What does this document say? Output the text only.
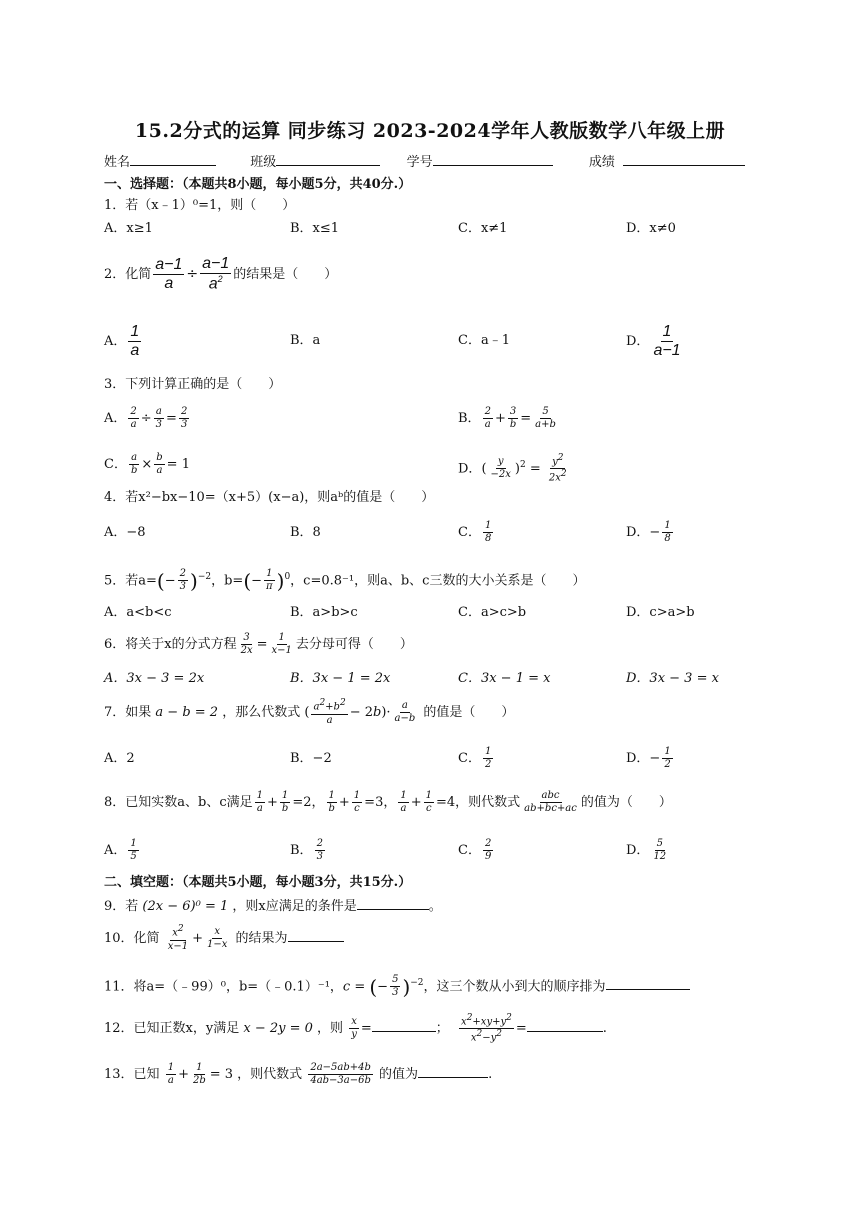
15.2分式的运算 同步练习 2023-2024学年人教版数学八年级上册
姓名	班级	学号	成绩
一、选择题：（本题共8小题，每小题5分，共40分.）
1．若（x﹣1）⁰=1，则（　　）
A．x≥1	B．x≤1	C．x≠1	D．x≠0
2．化简 $\frac{a-1}{a} \div \frac{a-1}{a^2}$ 的结果是（　　）
A． $\frac{1}{a}$	B．a	C．a﹣1	D． $\frac{1}{a-1}$
3．下列计算正确的是（　　）
A． $\frac{2}{a} \div \frac{a}{3} = \frac{2}{3}$	B． $\frac{2}{a} + \frac{3}{b} = \frac{5}{a+b}$
C． $\frac{a}{b} \times \frac{b}{a} = 1$	D．( $\frac{y}{-2x} )^2 = \frac{y^2}{2x^2}$
4．若x²−bx−10=（x+5）(x−a)，则aᵇ的值是（　　）
A．−8	B．8	C． $\frac{1}{8}$	D．− $\frac{1}{8}$
5．若$a=(- \frac{2}{3} )^{-2}$，$b=(- \frac{1}{\pi} )^0$，c=0.8⁻¹，则a、b、c三数的大小关系是（　　）
A．a<b<c	B．a>b>c	C．a>c>b	D．c>a>b
6．将关于x的分式方程 $\frac{3}{2x} = \frac{1}{x-1}$ 去分母可得（　　）
A．3x − 3 = 2x	B．3x − 1 = 2x	C．3x − 1 = x	D．3x − 3 = x
7．如果 a − b = 2 ，那么代数式 ( $\frac{a^2+b^2}{a} - 2b)\cdot \frac{a}{a-b}$ 的值是（　　）
A．2	B．−2	C． $\frac{1}{2}$	D．− $\frac{1}{2}$
8．已知实数a、b、c满足 $\frac{1}{a} + \frac{1}{b} =2$， $\frac{1}{b} + \frac{1}{c} =3$， $\frac{1}{a} + \frac{1}{c} =4$，则代数式 $\frac{\text{abc}}{ab+bc+ac}$ 的值为（　　）
A． $\frac{1}{5}$	B． $\frac{2}{3}$	C． $\frac{2}{9}$	D． $\frac{5}{12}$
二、填空题：（本题共5小题，每小题3分，共15分.）
9．若 (2x − 6)⁰ = 1 ，则x应满足的条件是	。
10．化简 $\frac{x^2}{x-1} + \frac{x}{1-x}$ 的结果为
11．将a=（﹣99）⁰，b=（﹣0.1）⁻¹，c = (− $\frac{5}{3} )^{-2}$，这三个数从小到大的顺序排为
12．已知正数x，y满足 x − 2y = 0 ，则 $\frac{x}{y}$ =	； $\frac{x^2+xy+y^2}{x^2-y^2}$ =	.
13．已知 $\frac{1}{a} + \frac{1}{2b} = 3$ ，则代数式 $\frac{2a-5ab+4b}{4ab-3a-6b}$ 的值为	.
